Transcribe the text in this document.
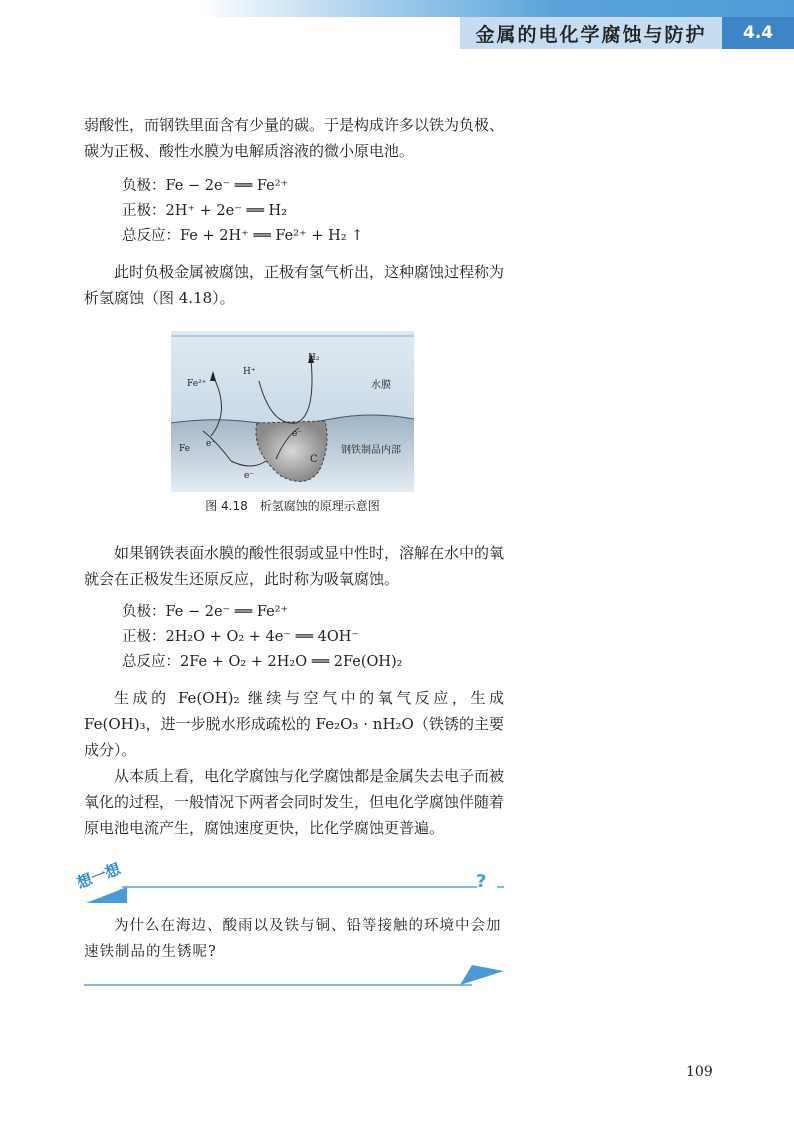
金属的电化学腐蚀与防护	4.4
弱酸性，而钢铁里面含有少量的碳。于是构成许多以铁为负极、碳为正极、酸性水膜为电解质溶液的微小原电池。
负极：Fe − 2e⁻ ══ Fe²⁺
正极：2H⁺ + 2e⁻ ══ H₂
总反应：Fe + 2H⁺ ══ Fe²⁺ + H₂ ↑
此时负极金属被腐蚀，正极有氢气析出，这种腐蚀过程称为析氢腐蚀（图 4.18）。
Fe²⁺
H⁺
H₂
水膜
Fe e⁻
e⁻
e⁻
C
钢铁制品内部
图 4.18　析氢腐蚀的原理示意图
如果钢铁表面水膜的酸性很弱或显中性时，溶解在水中的氧就会在正极发生还原反应，此时称为吸氧腐蚀。
负极：Fe − 2e⁻ ══ Fe²⁺
正极：2H₂O + O₂ + 4e⁻ ══ 4OH⁻
总反应：2Fe + O₂ + 2H₂O ══ 2Fe(OH)₂
生成的 Fe(OH)₂ 继续与空气中的氧气反应，生成 Fe(OH)₃，进一步脱水形成疏松的 Fe₂O₃ · nH₂O（铁锈的主要成分）。
从本质上看，电化学腐蚀与化学腐蚀都是金属失去电子而被氧化的过程，一般情况下两者会同时发生，但电化学腐蚀伴随着原电池电流产生，腐蚀速度更快，比化学腐蚀更普遍。
想一想	?
为什么在海边、酸雨以及铁与铜、铅等接触的环境中会加速铁制品的生锈呢?
109
